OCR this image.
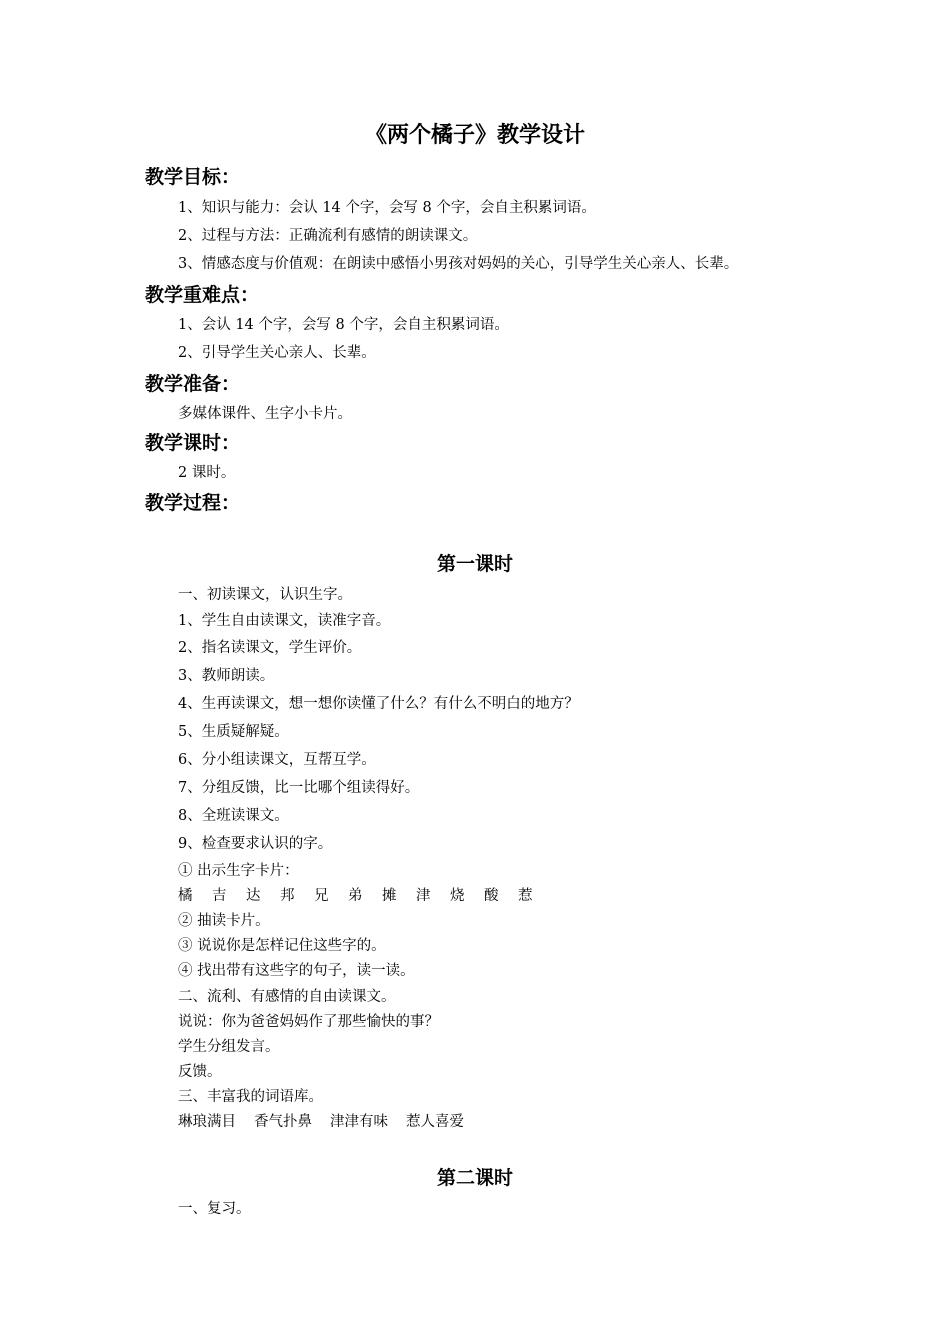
《两个橘子》教学设计
教学目标：
1、知识与能力：会认 14 个字，会写 8 个字，会自主积累词语。
2、过程与方法：正确流利有感情的朗读课文。
3、情感态度与价值观：在朗读中感悟小男孩对妈妈的关心，引导学生关心亲人、长辈。
教学重难点：
1、会认 14 个字，会写 8 个字，会自主积累词语。
2、引导学生关心亲人、长辈。
教学准备：
多媒体课件、生字小卡片。
教学课时：
2 课时。
教学过程：
第一课时
一、初读课文，认识生字。
1、学生自由读课文，读准字音。
2、指名读课文，学生评价。
3、教师朗读。
4、生再读课文，想一想你读懂了什么？有什么不明白的地方？
5、生质疑解疑。
6、分小组读课文，互帮互学。
7、分组反馈，比一比哪个组读得好。
8、全班读课文。
9、检查要求认识的字。
① 出示生字卡片：
橘 吉 达 邦 兄 弟 摊 津 烧 酸 惹
② 抽读卡片。
③ 说说你是怎样记住这些字的。
④ 找出带有这些字的句子，读一读。
二、流利、有感情的自由读课文。
说说：你为爸爸妈妈作了那些愉快的事？
学生分组发言。
反馈。
三、丰富我的词语库。
琳琅满目 香气扑鼻 津津有味 惹人喜爱
第二课时
一、复习。
